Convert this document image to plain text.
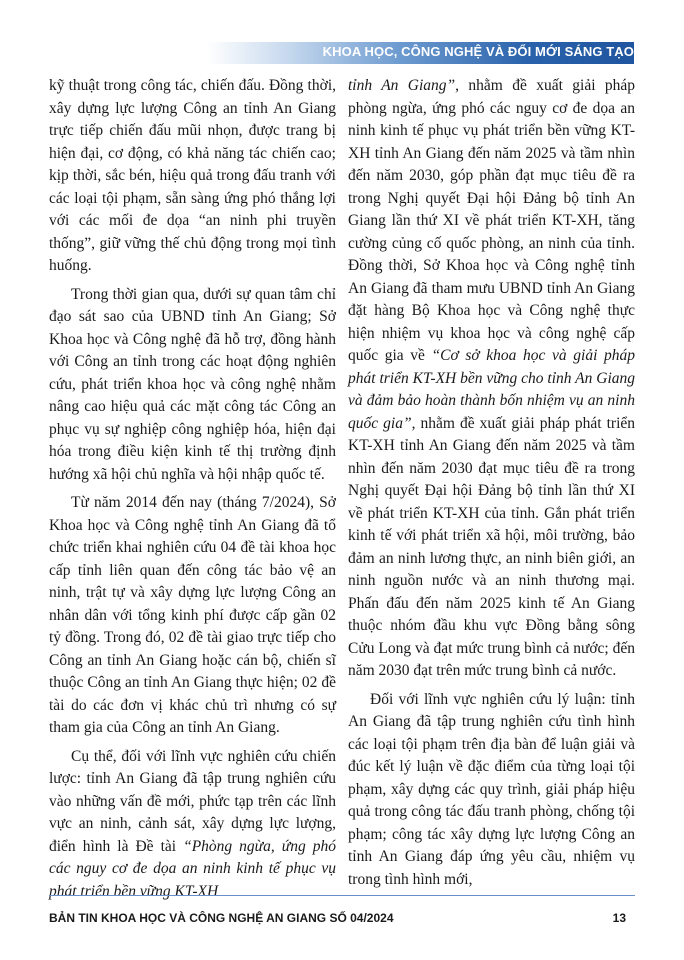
KHOA HỌC, CÔNG NGHỆ VÀ ĐỔI MỚI SÁNG TẠO

kỹ thuật trong công tác, chiến đấu. Đồng thời, xây dựng lực lượng Công an tỉnh An Giang trực tiếp chiến đấu mũi nhọn, được trang bị hiện đại, cơ động, có khả năng tác chiến cao; kịp thời, sắc bén, hiệu quả trong đấu tranh với các loại tội phạm, sẵn sàng ứng phó thắng lợi với các mối đe dọa “an ninh phi truyền thống”, giữ vững thế chủ động trong mọi tình huống.

Trong thời gian qua, dưới sự quan tâm chỉ đạo sát sao của UBND tỉnh An Giang; Sở Khoa học và Công nghệ đã hỗ trợ, đồng hành với Công an tỉnh trong các hoạt động nghiên cứu, phát triển khoa học và công nghệ nhằm nâng cao hiệu quả các mặt công tác Công an phục vụ sự nghiệp công nghiệp hóa, hiện đại hóa trong điều kiện kinh tế thị trường định hướng xã hội chủ nghĩa và hội nhập quốc tế.

Từ năm 2014 đến nay (tháng 7/2024), Sở Khoa học và Công nghệ tỉnh An Giang đã tổ chức triển khai nghiên cứu 04 đề tài khoa học cấp tỉnh liên quan đến công tác bảo vệ an ninh, trật tự và xây dựng lực lượng Công an nhân dân với tổng kinh phí được cấp gần 02 tỷ đồng. Trong đó, 02 đề tài giao trực tiếp cho Công an tỉnh An Giang hoặc cán bộ, chiến sĩ thuộc Công an tỉnh An Giang thực hiện; 02 đề tài do các đơn vị khác chủ trì nhưng có sự tham gia của Công an tỉnh An Giang.

Cụ thể, đối với lĩnh vực nghiên cứu chiến lược: tỉnh An Giang đã tập trung nghiên cứu vào những vấn đề mới, phức tạp trên các lĩnh vực an ninh, cảnh sát, xây dựng lực lượng, điển hình là Đề tài “Phòng ngừa, ứng phó các nguy cơ đe dọa an ninh kinh tế phục vụ phát triển bền vững KT-XH

tỉnh An Giang”, nhằm đề xuất giải pháp phòng ngừa, ứng phó các nguy cơ đe dọa an ninh kinh tế phục vụ phát triển bền vững KT-XH tỉnh An Giang đến năm 2025 và tầm nhìn đến năm 2030, góp phần đạt mục tiêu đề ra trong Nghị quyết Đại hội Đảng bộ tỉnh An Giang lần thứ XI về phát triển KT-XH, tăng cường củng cố quốc phòng, an ninh của tỉnh. Đồng thời, Sở Khoa học và Công nghệ tỉnh An Giang đã tham mưu UBND tỉnh An Giang đặt hàng Bộ Khoa học và Công nghệ thực hiện nhiệm vụ khoa học và công nghệ cấp quốc gia về “Cơ sở khoa học và giải pháp phát triển KT-XH bền vững cho tỉnh An Giang và đảm bảo hoàn thành bốn nhiệm vụ an ninh quốc gia”, nhằm đề xuất giải pháp phát triển KT-XH tỉnh An Giang đến năm 2025 và tầm nhìn đến năm 2030 đạt mục tiêu đề ra trong Nghị quyết Đại hội Đảng bộ tỉnh lần thứ XI về phát triển KT-XH của tỉnh. Gắn phát triển kinh tế với phát triển xã hội, môi trường, bảo đảm an ninh lương thực, an ninh biên giới, an ninh nguồn nước và an ninh thương mại. Phấn đấu đến năm 2025 kinh tế An Giang thuộc nhóm đầu khu vực Đồng bằng sông Cửu Long và đạt mức trung bình cả nước; đến năm 2030 đạt trên mức trung bình cả nước.

Đối với lĩnh vực nghiên cứu lý luận: tỉnh An Giang đã tập trung nghiên cứu tình hình các loại tội phạm trên địa bàn để luận giải và đúc kết lý luận về đặc điểm của từng loại tội phạm, xây dựng các quy trình, giải pháp hiệu quả trong công tác đấu tranh phòng, chống tội phạm; công tác xây dựng lực lượng Công an tỉnh An Giang đáp ứng yêu cầu, nhiệm vụ trong tình hình mới,

BẢN TIN KHOA HỌC VÀ CÔNG NGHỆ AN GIANG SỐ 04/2024	13
